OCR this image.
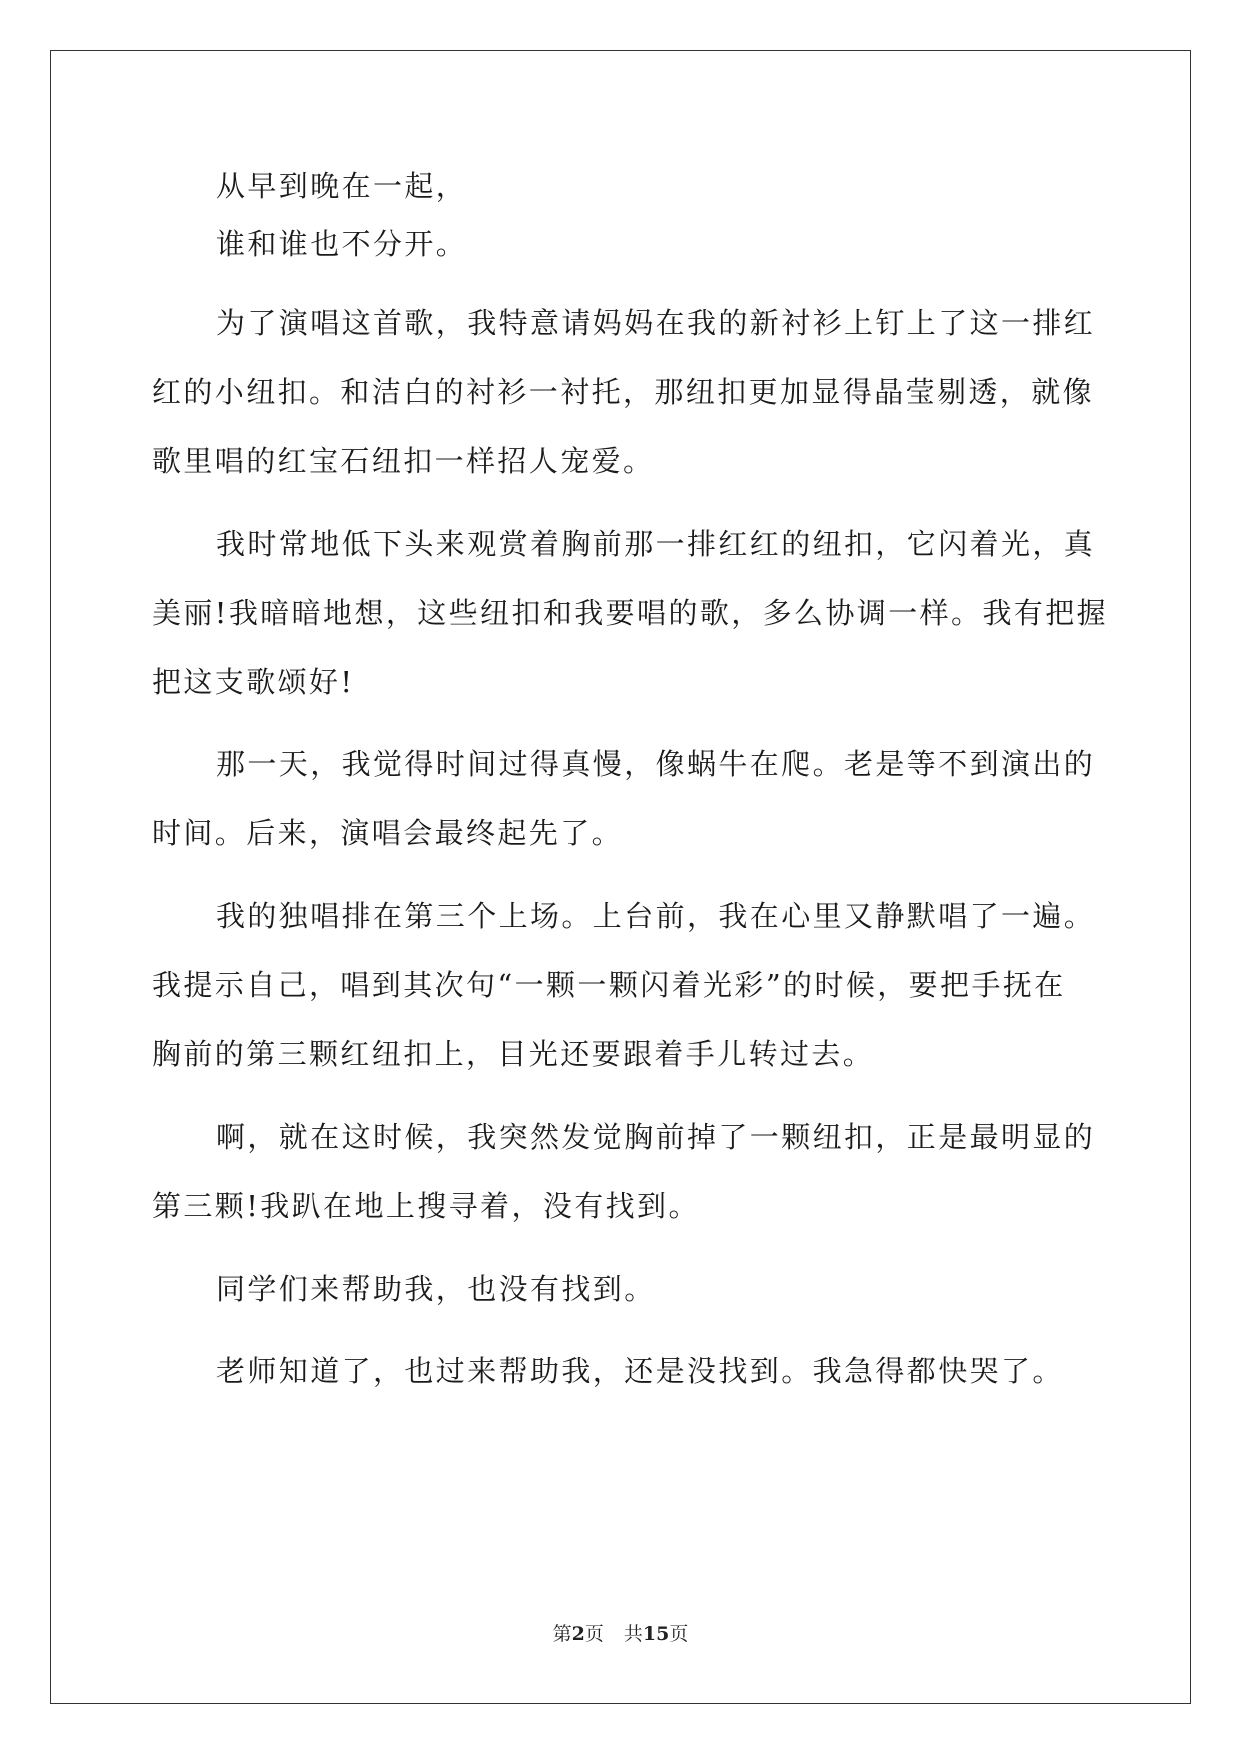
从早到晚在一起，
谁和谁也不分开。
为了演唱这首歌，我特意请妈妈在我的新衬衫上钉上了这一排红
红的小纽扣。和洁白的衬衫一衬托，那纽扣更加显得晶莹剔透，就像
歌里唱的红宝石纽扣一样招人宠爱。
我时常地低下头来观赏着胸前那一排红红的纽扣，它闪着光，真
美丽!我暗暗地想，这些纽扣和我要唱的歌，多么协调一样。我有把握
把这支歌颂好!
那一天，我觉得时间过得真慢，像蜗牛在爬。老是等不到演出的
时间。后来，演唱会最终起先了。
我的独唱排在第三个上场。上台前，我在心里又静默唱了一遍。
我提示自己，唱到其次句“一颗一颗闪着光彩”的时候，要把手抚在
胸前的第三颗红纽扣上，目光还要跟着手儿转过去。
啊，就在这时候，我突然发觉胸前掉了一颗纽扣，正是最明显的
第三颗!我趴在地上搜寻着，没有找到。
同学们来帮助我，也没有找到。
老师知道了，也过来帮助我，还是没找到。我急得都快哭了。
第2页 共15页
